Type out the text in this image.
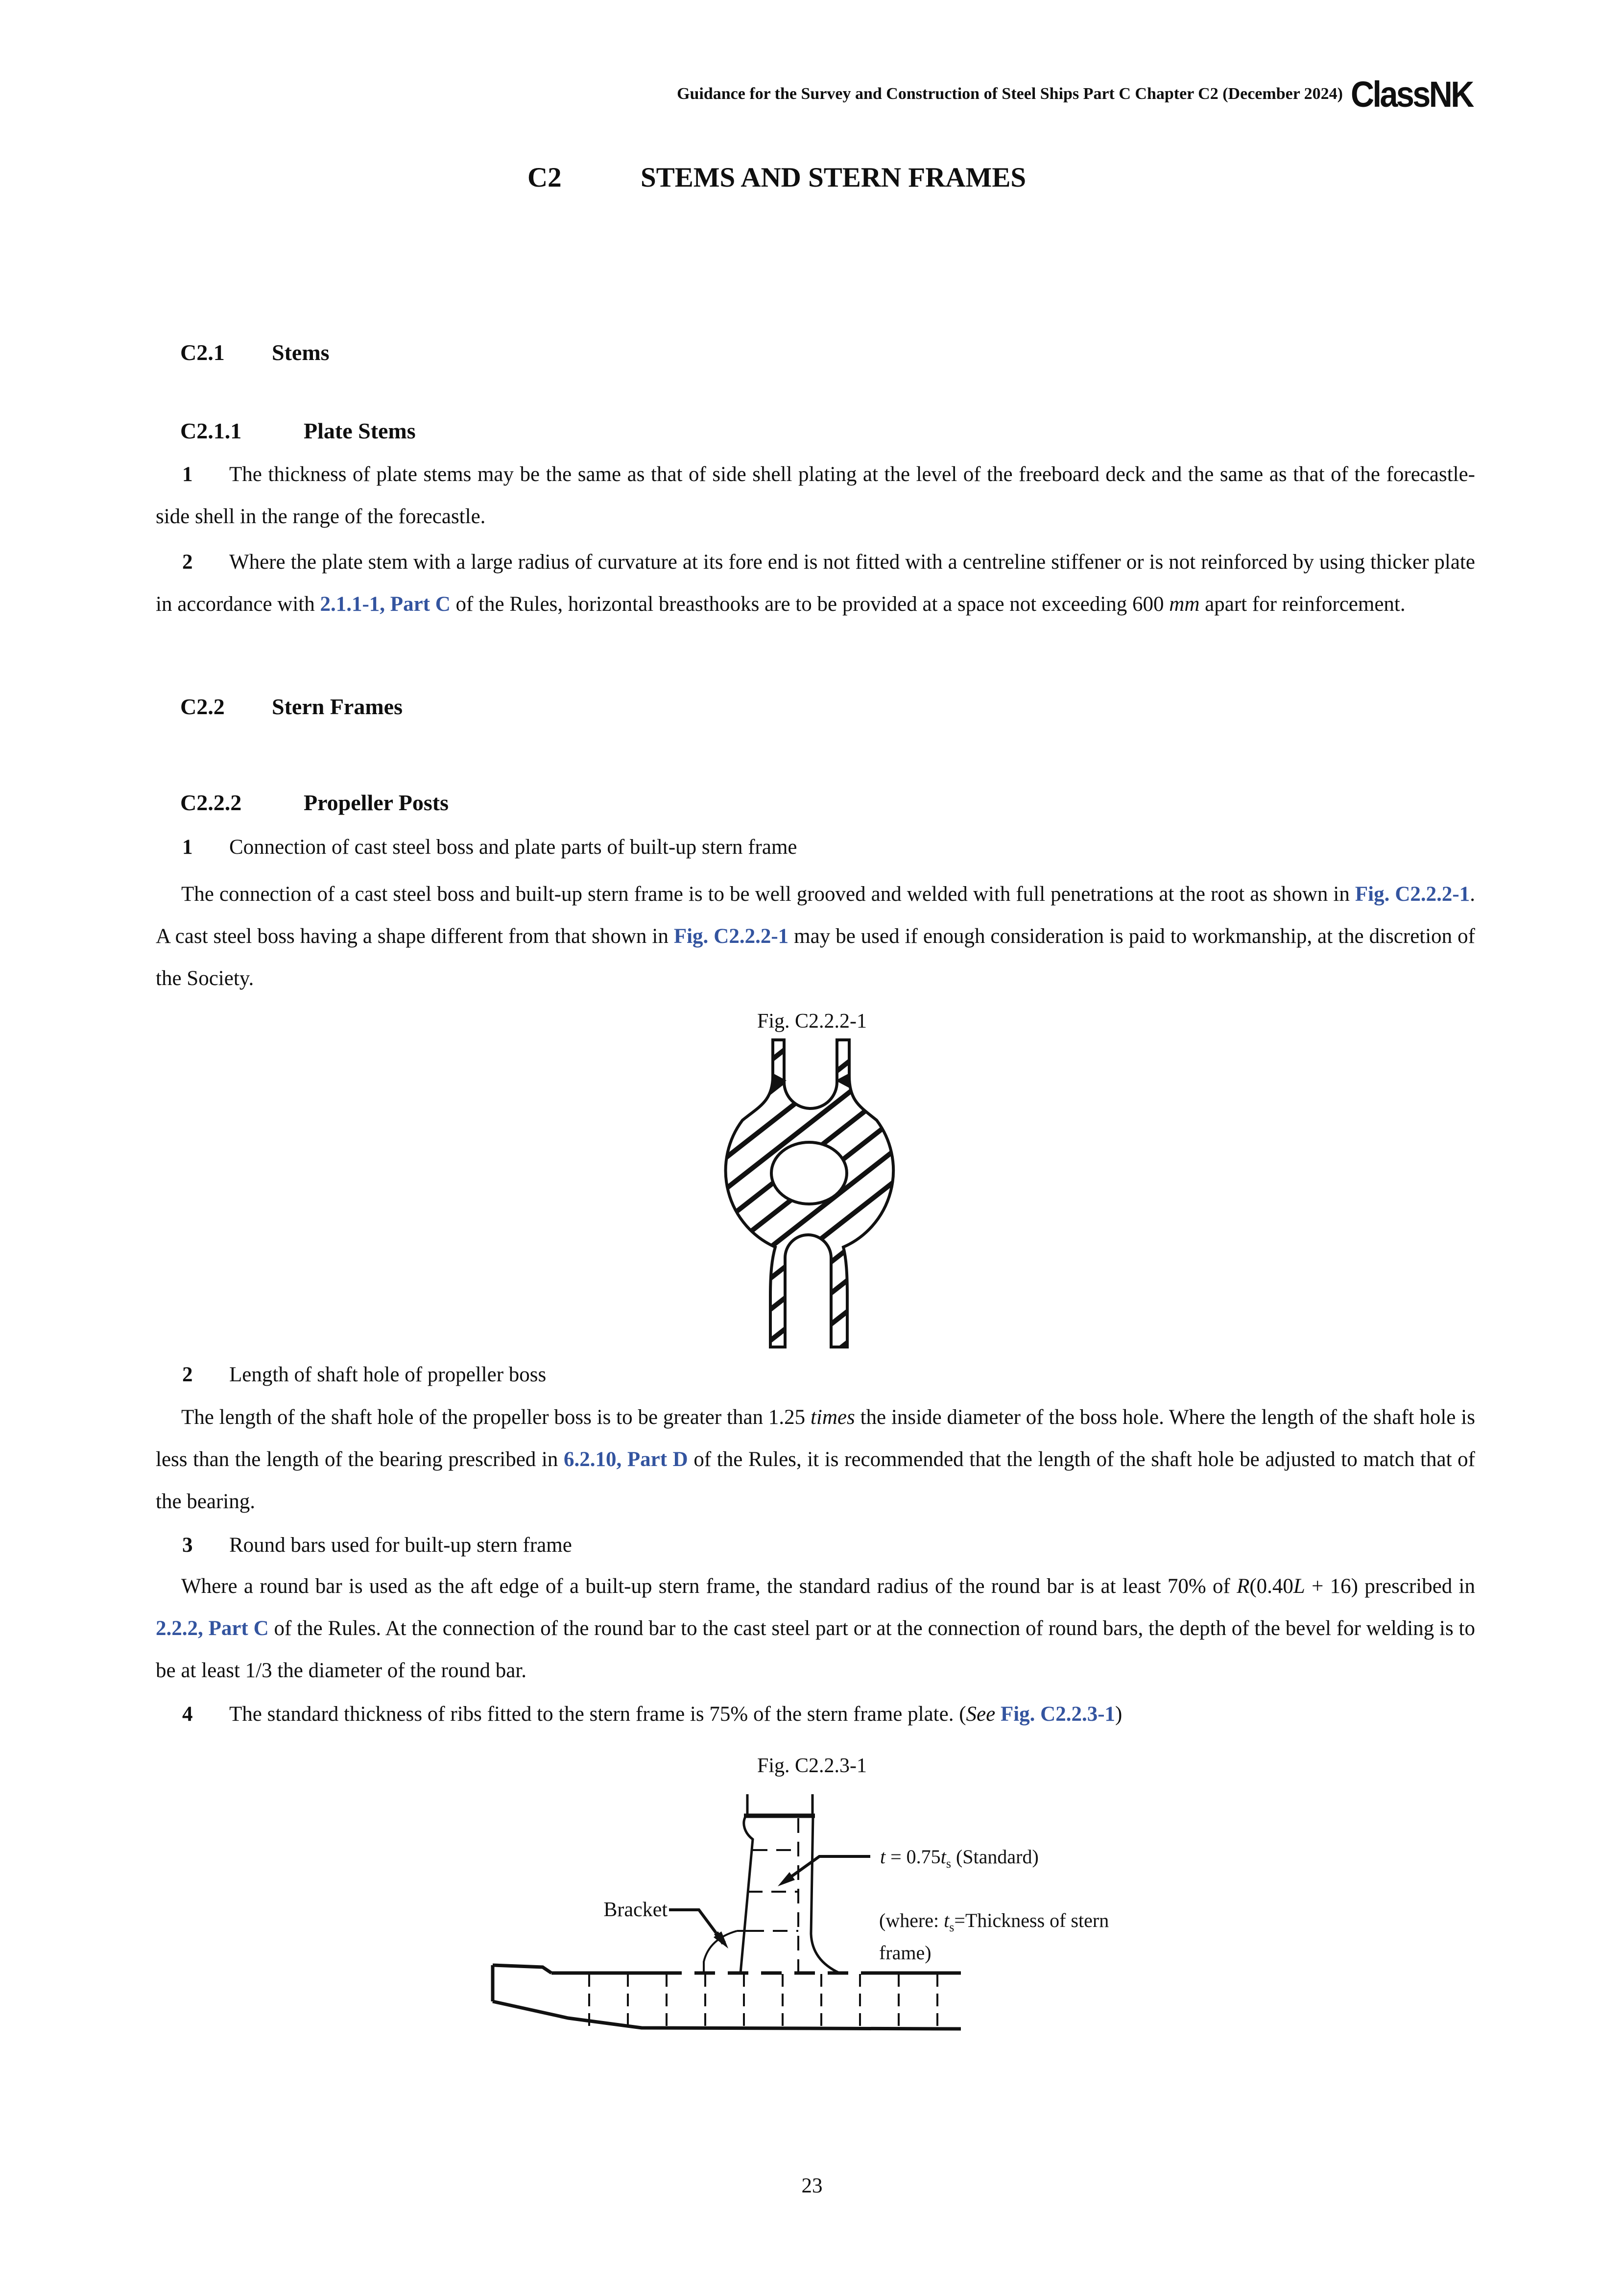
Guidance for the Survey and Construction of Steel Ships Part C Chapter C2 (December 2024) ClassNK
C2	STEMS AND STERN FRAMES
C2.1 Stems
C2.1.1	Plate Stems
1 The thickness of plate stems may be the same as that of side shell plating at the level of the freeboard deck and the same as that of the forecastle-side shell in the range of the forecastle.
2 Where the plate stem with a large radius of curvature at its fore end is not fitted with a centreline stiffener or is not reinforced by using thicker plate in accordance with 2.1.1-1, Part C of the Rules, horizontal breasthooks are to be provided at a space not exceeding 600 mm apart for reinforcement.
C2.2 Stern Frames
C2.2.2	Propeller Posts
1 Connection of cast steel boss and plate parts of built-up stern frame
The connection of a cast steel boss and built-up stern frame is to be well grooved and welded with full penetrations at the root as shown in Fig. C2.2.2-1. A cast steel boss having a shape different from that shown in Fig. C2.2.2-1 may be used if enough consideration is paid to workmanship, at the discretion of the Society.
2 Length of shaft hole of propeller boss
The length of the shaft hole of the propeller boss is to be greater than 1.25 times the inside diameter of the boss hole. Where the length of the shaft hole is less than the length of the bearing prescribed in 6.2.10, Part D of the Rules, it is recommended that the length of the shaft hole be adjusted to match that of the bearing.
3 Round bars used for built-up stern frame
Where a round bar is used as the aft edge of a built-up stern frame, the standard radius of the round bar is at least 70% of R(0.40L + 16) prescribed in 2.2.2, Part C of the Rules. At the connection of the round bar to the cast steel part or at the connection of round bars, the depth of the bevel for welding is to be at least 1/3 the diameter of the round bar.
4 The standard thickness of ribs fitted to the stern frame is 75% of the stern frame plate. (See Fig. C2.2.3-1)
Fig. C2.2.2-1
Fig. C2.2.3-1
Bracket
$t = 0.75t_s$ (Standard)
(where: $t_s=Thickness$ of stern
frame)
23
